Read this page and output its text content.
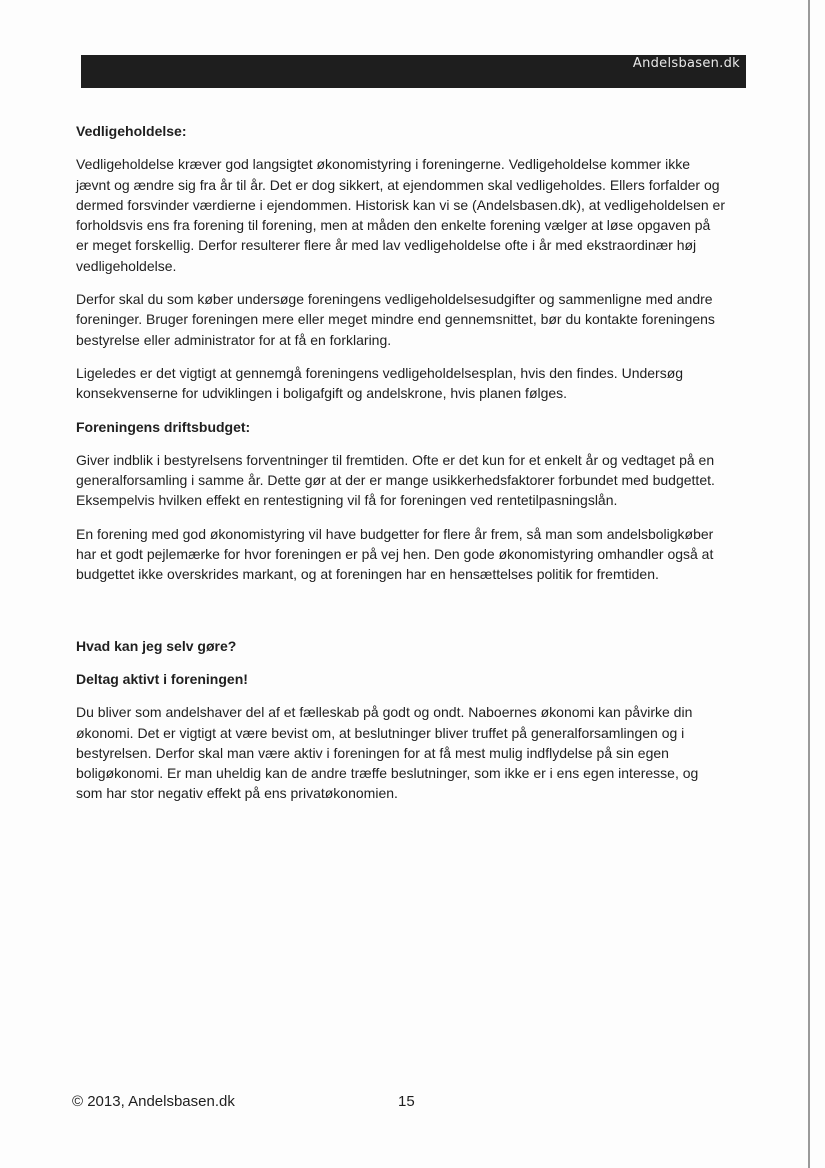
Andelsbasen.dk

Vedligeholdelse:

Vedligeholdelse kræver god langsigtet økonomistyring i foreningerne. Vedligeholdelse kommer ikke jævnt og ændre sig fra år til år. Det er dog sikkert, at ejendommen skal vedligeholdes. Ellers forfalder og dermed forsvinder værdierne i ejendommen. Historisk kan vi se (Andelsbasen.dk), at vedligeholdelsen er forholdsvis ens fra forening til forening, men at måden den enkelte forening vælger at løse opgaven på er meget forskellig. Derfor resulterer flere år med lav vedligeholdelse ofte i år med ekstraordinær høj vedligeholdelse.

Derfor skal du som køber undersøge foreningens vedligeholdelsesudgifter og sammenligne med andre foreninger. Bruger foreningen mere eller meget mindre end gennemsnittet, bør du kontakte foreningens bestyrelse eller administrator for at få en forklaring.

Ligeledes er det vigtigt at gennemgå foreningens vedligeholdelsesplan, hvis den findes. Undersøg konsekvenserne for udviklingen i boligafgift og andelskrone, hvis planen følges.

Foreningens driftsbudget:

Giver indblik i bestyrelsens forventninger til fremtiden. Ofte er det kun for et enkelt år og vedtaget på en generalforsamling i samme år. Dette gør at der er mange usikkerhedsfaktorer forbundet med budgettet. Eksempelvis hvilken effekt en rentestigning vil få for foreningen ved rentetilpasningslån.

En forening med god økonomistyring vil have budgetter for flere år frem, så man som andelsboligkøber har et godt pejlemærke for hvor foreningen er på vej hen. Den gode økonomistyring omhandler også at budgettet ikke overskrides markant, og at foreningen har en hensættelses politik for fremtiden.

Hvad kan jeg selv gøre?

Deltag aktivt i foreningen!

Du bliver som andelshaver del af et fælleskab på godt og ondt. Naboernes økonomi kan påvirke din økonomi. Det er vigtigt at være bevist om, at beslutninger bliver truffet på generalforsamlingen og i bestyrelsen. Derfor skal man være aktiv i foreningen for at få mest mulig indflydelse på sin egen boligøkonomi. Er man uheldig kan de andre træffe beslutninger, som ikke er i ens egen interesse, og som har stor negativ effekt på ens privatøkonomien.

© 2013, Andelsbasen.dk	15
